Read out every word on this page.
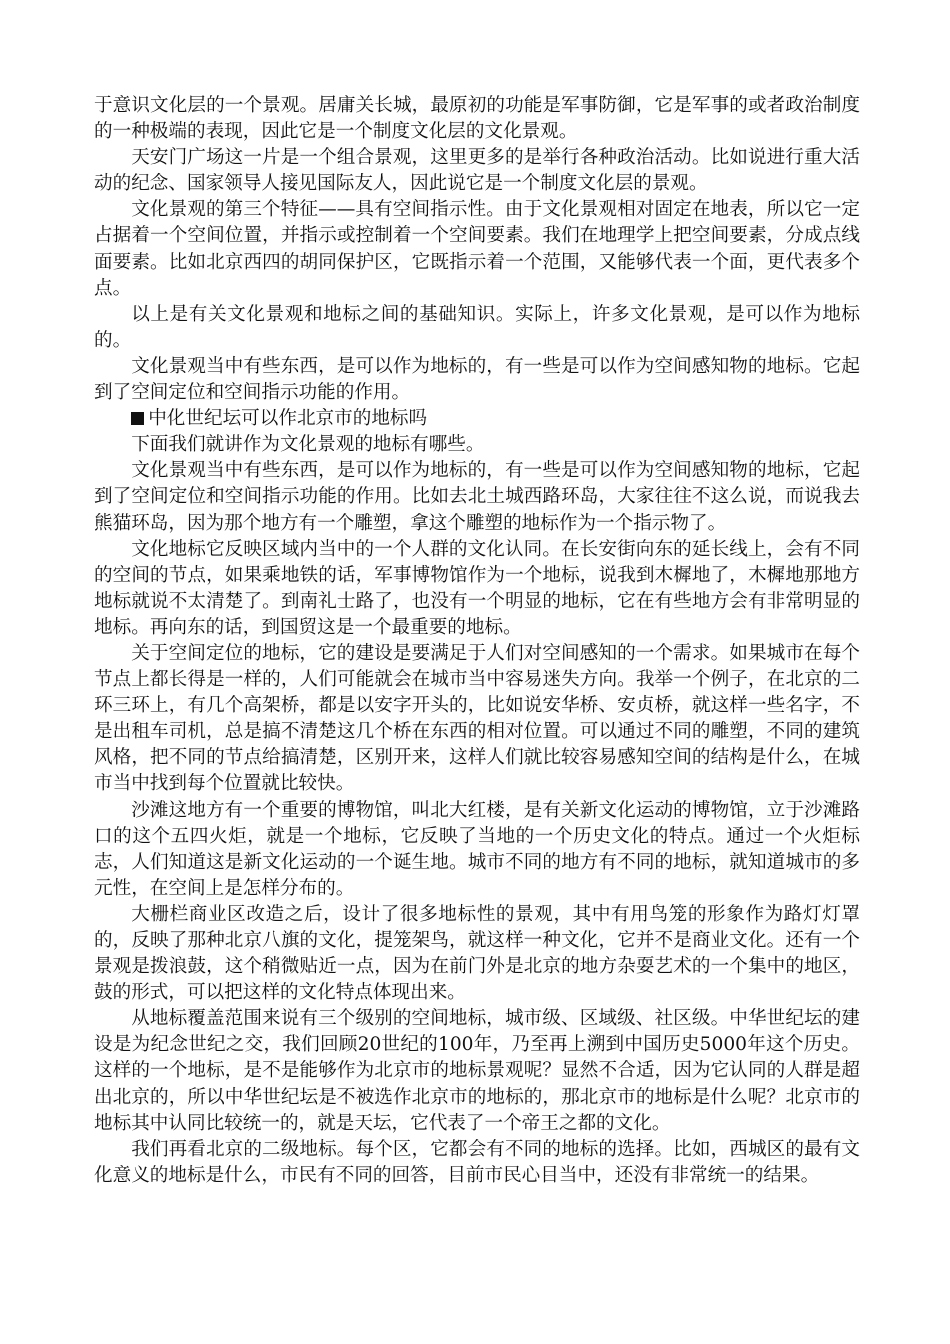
于意识文化层的一个景观。居庸关长城，最原初的功能是军事防御，它是军事的或者政治制度的一种极端的表现，因此它是一个制度文化层的文化景观。

天安门广场这一片是一个组合景观，这里更多的是举行各种政治活动。比如说进行重大活动的纪念、国家领导人接见国际友人，因此说它是一个制度文化层的景观。

文化景观的第三个特征——具有空间指示性。由于文化景观相对固定在地表，所以它一定占据着一个空间位置，并指示或控制着一个空间要素。我们在地理学上把空间要素，分成点线面要素。比如北京西四的胡同保护区，它既指示着一个范围，又能够代表一个面，更代表多个点。

以上是有关文化景观和地标之间的基础知识。实际上，许多文化景观，是可以作为地标的。

文化景观当中有些东西，是可以作为地标的，有一些是可以作为空间感知物的地标。它起到了空间定位和空间指示功能的作用。

中化世纪坛可以作北京市的地标吗

下面我们就讲作为文化景观的地标有哪些。

文化景观当中有些东西，是可以作为地标的，有一些是可以作为空间感知物的地标，它起到了空间定位和空间指示功能的作用。比如去北土城西路环岛，大家往往不这么说，而说我去熊猫环岛，因为那个地方有一个雕塑，拿这个雕塑的地标作为一个指示物了。

文化地标它反映区域内当中的一个人群的文化认同。在长安街向东的延长线上，会有不同的空间的节点，如果乘地铁的话，军事博物馆作为一个地标，说我到木樨地了，木樨地那地方地标就说不太清楚了。到南礼士路了，也没有一个明显的地标，它在有些地方会有非常明显的地标。再向东的话，到国贸这是一个最重要的地标。

关于空间定位的地标，它的建设是要满足于人们对空间感知的一个需求。如果城市在每个节点上都长得是一样的，人们可能就会在城市当中容易迷失方向。我举一个例子，在北京的二环三环上，有几个高架桥，都是以安字开头的，比如说安华桥、安贞桥，就这样一些名字，不是出租车司机，总是搞不清楚这几个桥在东西的相对位置。可以通过不同的雕塑，不同的建筑风格，把不同的节点给搞清楚，区别开来，这样人们就比较容易感知空间的结构是什么，在城市当中找到每个位置就比较快。

沙滩这地方有一个重要的博物馆，叫北大红楼，是有关新文化运动的博物馆，立于沙滩路口的这个五四火炬，就是一个地标，它反映了当地的一个历史文化的特点。通过一个火炬标志，人们知道这是新文化运动的一个诞生地。城市不同的地方有不同的地标，就知道城市的多元性，在空间上是怎样分布的。

大栅栏商业区改造之后，设计了很多地标性的景观，其中有用鸟笼的形象作为路灯灯罩的，反映了那种北京八旗的文化，提笼架鸟，就这样一种文化，它并不是商业文化。还有一个景观是拨浪鼓，这个稍微贴近一点，因为在前门外是北京的地方杂耍艺术的一个集中的地区，鼓的形式，可以把这样的文化特点体现出来。

从地标覆盖范围来说有三个级别的空间地标，城市级、区域级、社区级。中华世纪坛的建设是为纪念世纪之交，我们回顾20世纪的100年，乃至再上溯到中国历史5000年这个历史。这样的一个地标，是不是能够作为北京市的地标景观呢？显然不合适，因为它认同的人群是超出北京的，所以中华世纪坛是不被选作北京市的地标的，那北京市的地标是什么呢？北京市的地标其中认同比较统一的，就是天坛，它代表了一个帝王之都的文化。

我们再看北京的二级地标。每个区，它都会有不同的地标的选择。比如，西城区的最有文化意义的地标是什么，市民有不同的回答，目前市民心目当中，还没有非常统一的结果。
